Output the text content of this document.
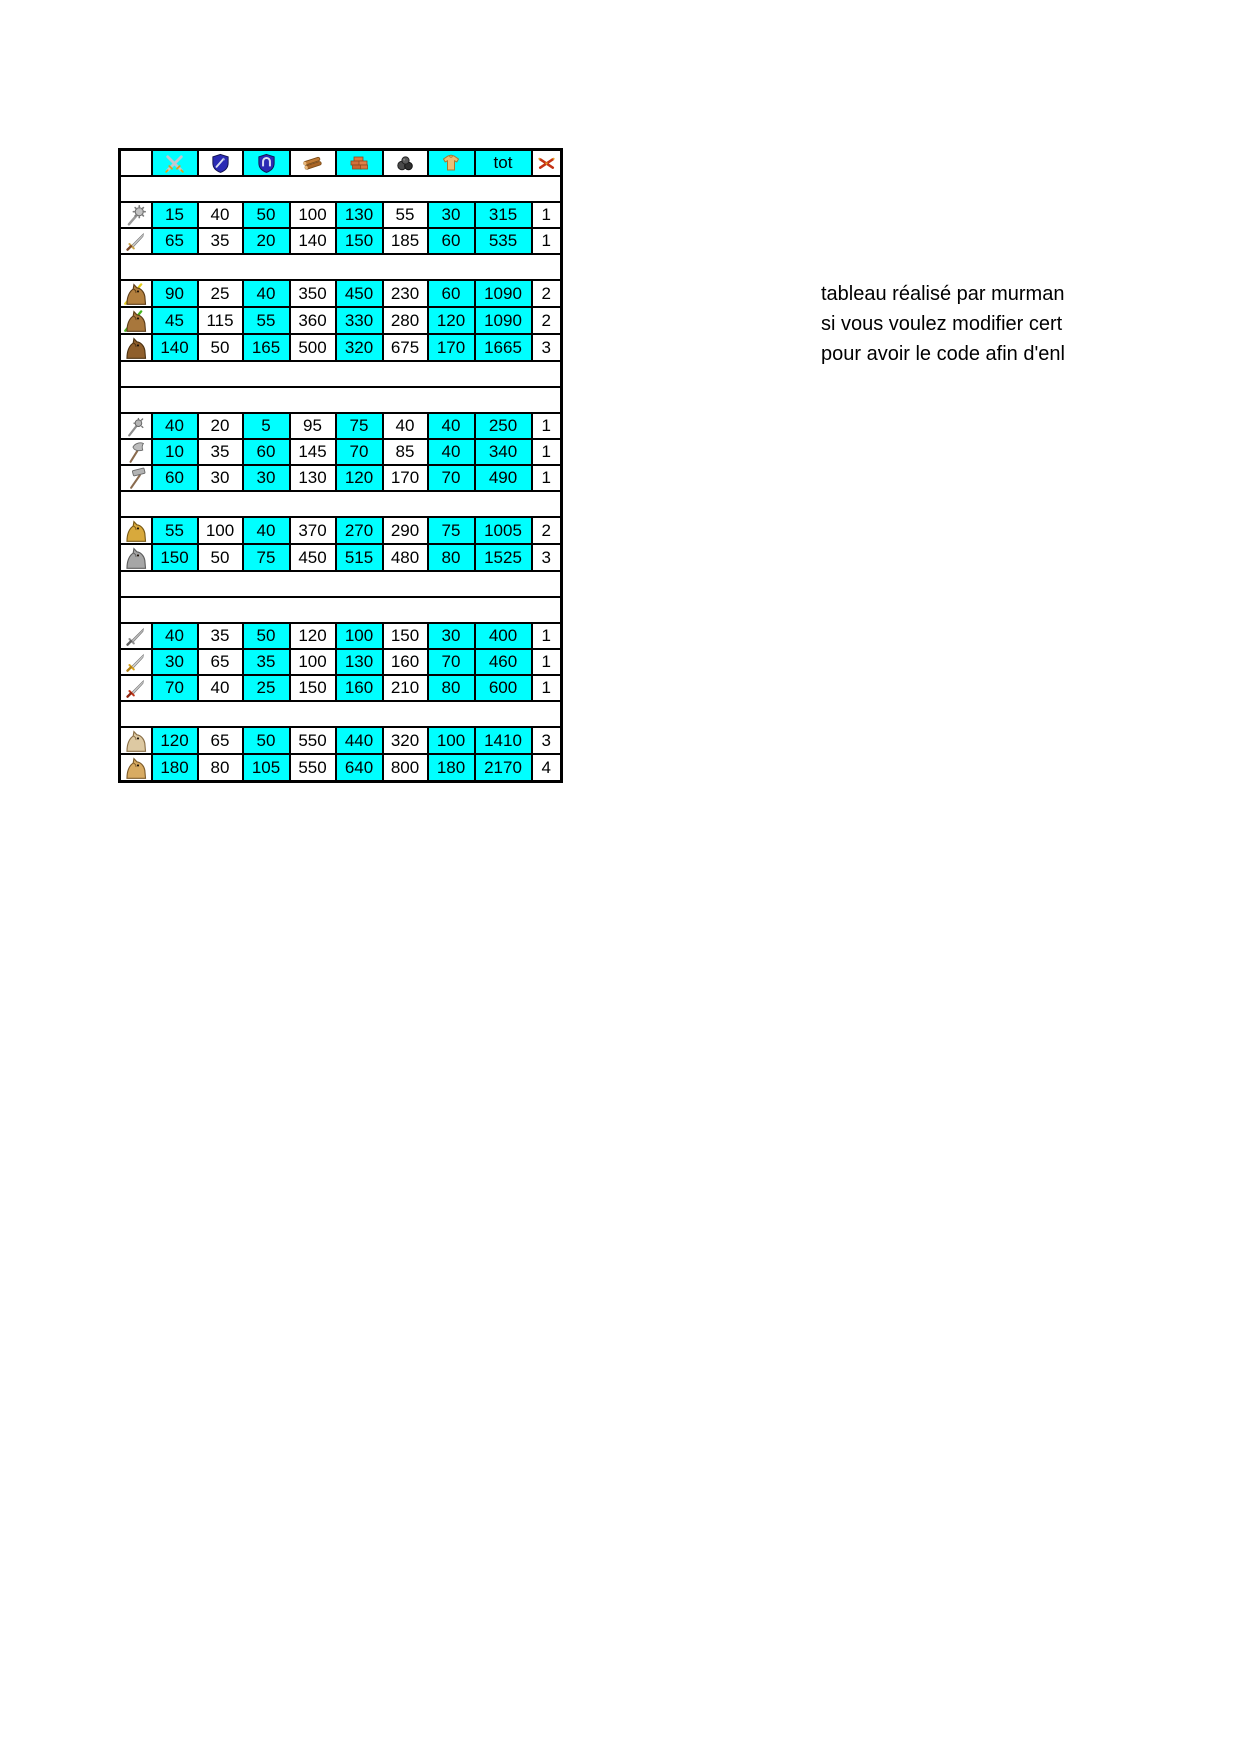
	tot	

	15	40	50	100	130	55	30	315	1

	65	35	20	140	150	185	60	535	1

	90	25	40	350	450	230	60	1090	2

	45	115	55	360	330	280	120	1090	2

	140	50	165	500	320	675	170	1665	3

	40	20	5	95	75	40	40	250	1

	10	35	60	145	70	85	40	340	1

	60	30	30	130	120	170	70	490	1

	55	100	40	370	270	290	75	1005	2

	150	50	75	450	515	480	80	1525	3

	40	35	50	120	100	150	30	400	1

	30	65	35	100	130	160	70	460	1

	70	40	25	150	160	210	80	600	1

	120	65	50	550	440	320	100	1410	3

	180	80	105	550	640	800	180	2170	4
tableau réalisé par murman
si vous voulez modifier cert
pour avoir le code afin d'enl
